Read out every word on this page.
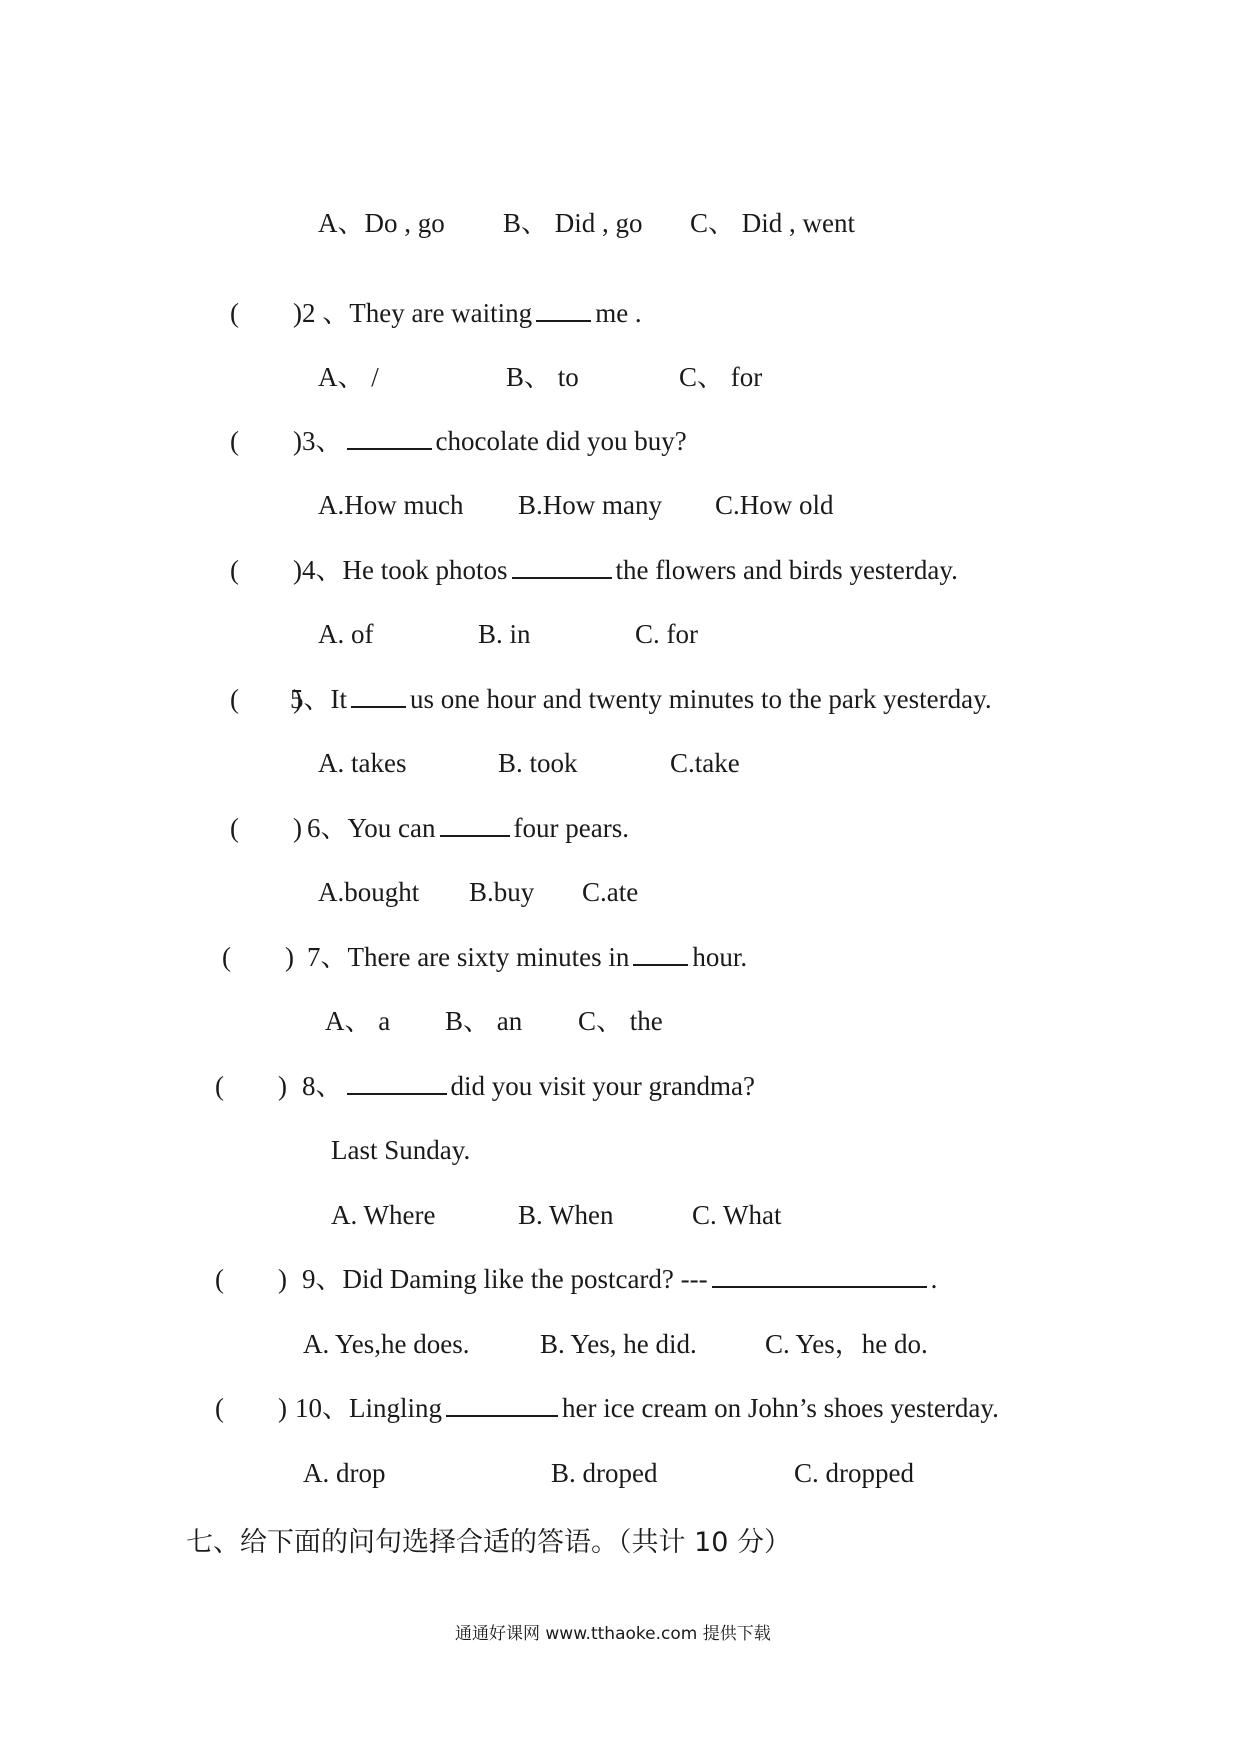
A、Do , go B、 Did , go C、 Did , went
(　　)2 、They are waiting me .
A、 /	B、 to	C、 for
(　　)3、	chocolate did you buy?
A.How much B.How many C.How old
(　　)4、He took photos	the flowers and birds yesterday.
A. of	B. in	C. for
(　　)5、It us one hour and twenty minutes to the park yesterday.
A. takes	B. took	C.take
(　　) 6、You can	four pears.
A.bought B.buy C.ate
(　　) 7、There are sixty minutes in hour.
A、 a B、 an C、 the
(　　) 8、	did you visit your grandma?
Last Sunday.
A. Where	B. When	C. What
(　　) 9、Did Daming like the postcard? ---	.
A. Yes,he does.	B. Yes, he did.	C. Yes，he do.
(　　) 10、Lingling	her ice cream on John’s shoes yesterday.
A. drop	B. droped	C. dropped
七、给下面的问句选择合适的答语。（共计 10 分）
通通好课网 www.tthaoke.com 提供下载
